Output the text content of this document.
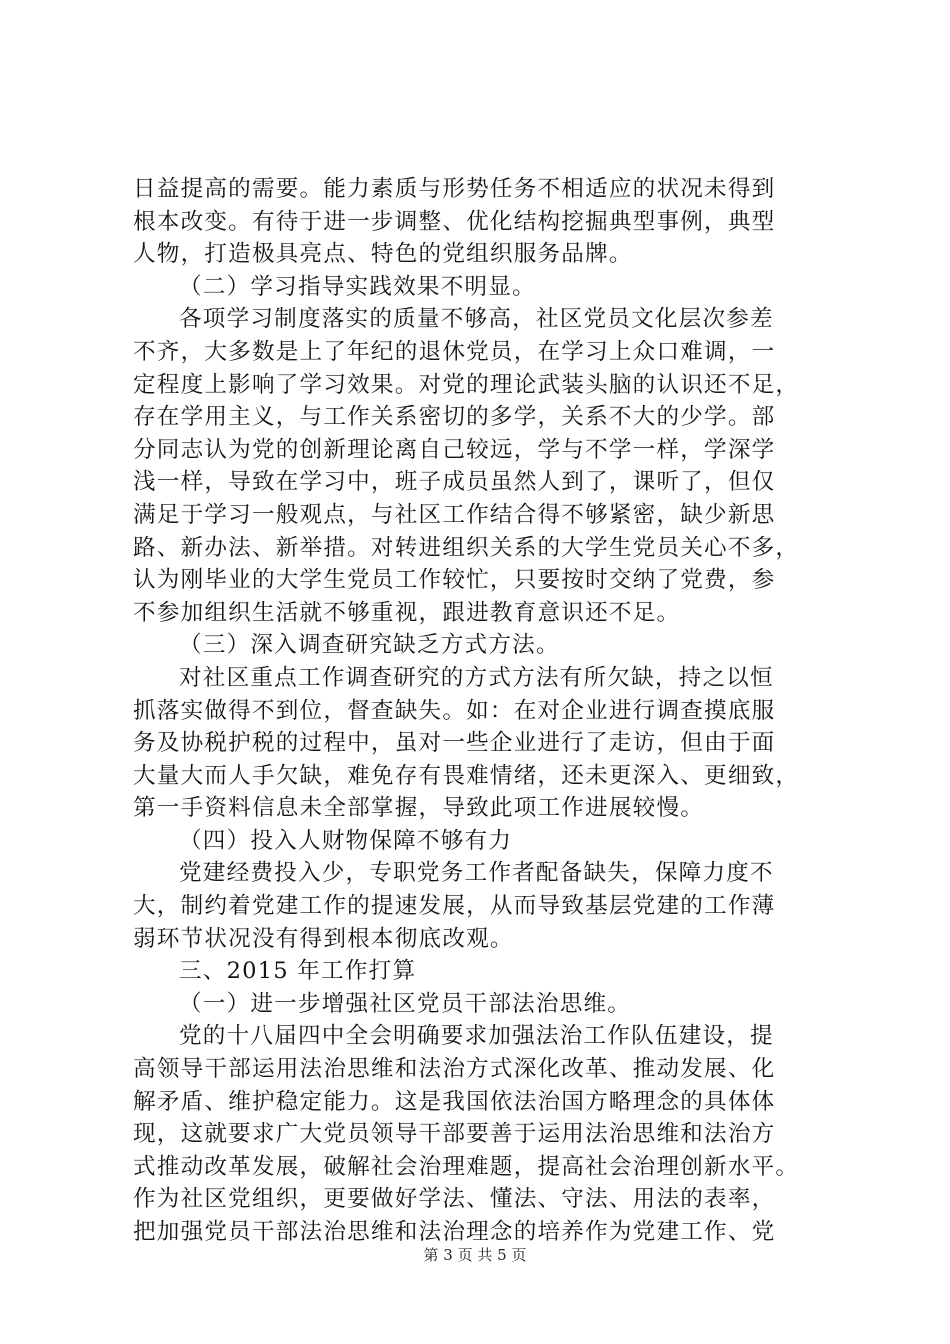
日益提高的需要。能力素质与形势任务不相适应的状况未得到
根本改变。有待于进一步调整、优化结构挖掘典型事例，典型
人物，打造极具亮点、特色的党组织服务品牌。
（二）学习指导实践效果不明显。
各项学习制度落实的质量不够高，社区党员文化层次参差
不齐，大多数是上了年纪的退休党员，在学习上众口难调，一
定程度上影响了学习效果。对党的理论武装头脑的认识还不足，
存在学用主义，与工作关系密切的多学，关系不大的少学。部
分同志认为党的创新理论离自己较远，学与不学一样，学深学
浅一样，导致在学习中，班子成员虽然人到了，课听了，但仅
满足于学习一般观点，与社区工作结合得不够紧密，缺少新思
路、新办法、新举措。对转进组织关系的大学生党员关心不多，
认为刚毕业的大学生党员工作较忙，只要按时交纳了党费，参
不参加组织生活就不够重视，跟进教育意识还不足。
（三）深入调查研究缺乏方式方法。
对社区重点工作调查研究的方式方法有所欠缺，持之以恒
抓落实做得不到位，督查缺失。如：在对企业进行调查摸底服
务及协税护税的过程中，虽对一些企业进行了走访，但由于面
大量大而人手欠缺，难免存有畏难情绪，还未更深入、更细致，
第一手资料信息未全部掌握，导致此项工作进展较慢。
（四）投入人财物保障不够有力
党建经费投入少，专职党务工作者配备缺失，保障力度不
大，制约着党建工作的提速发展，从而导致基层党建的工作薄
弱环节状况没有得到根本彻底改观。
三、2015 年工作打算
（一）进一步增强社区党员干部法治思维。
党的十八届四中全会明确要求加强法治工作队伍建设，提
高领导干部运用法治思维和法治方式深化改革、推动发展、化
解矛盾、维护稳定能力。这是我国依法治国方略理念的具体体
现，这就要求广大党员领导干部要善于运用法治思维和法治方
式推动改革发展，破解社会治理难题，提高社会治理创新水平。
作为社区党组织，更要做好学法、懂法、守法、用法的表率，
把加强党员干部法治思维和法治理念的培养作为党建工作、党
第 3 页 共 5 页
